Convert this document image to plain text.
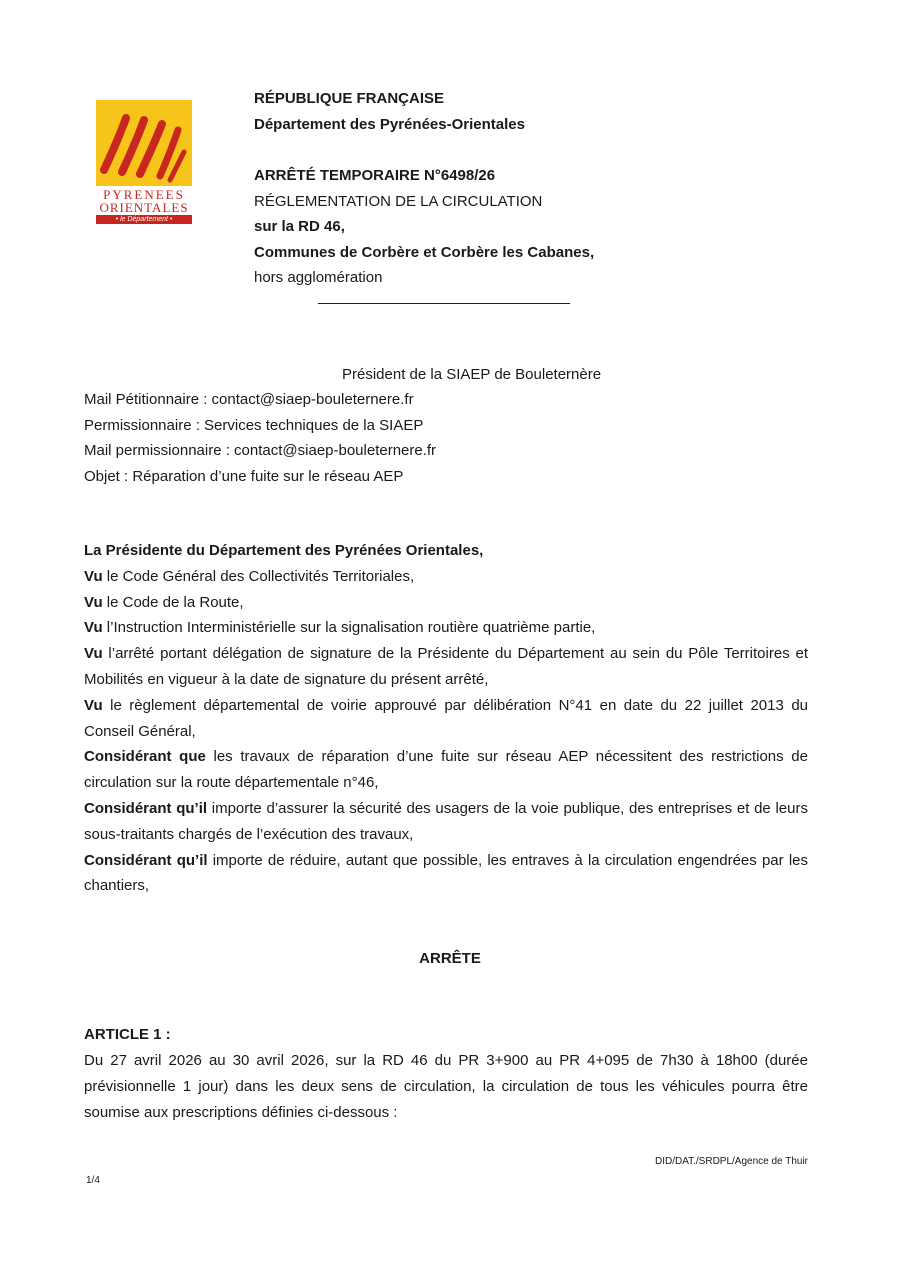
PYRENEES
ORIENTALES
• le Département •

RÉPUBLIQUE FRANÇAISE

Département des Pyrénées-Orientales

ARRÊTÉ TEMPORAIRE N°6498/26

RÉGLEMENTATION DE LA CIRCULATION

sur la RD 46,

Communes de Corbère et Corbère les Cabanes,

hors agglomération

Président de la SIAEP de Bouleternère

Mail Pétitionnaire : contact@siaep-bouleternere.fr

Permissionnaire : Services techniques de la SIAEP

Mail permissionnaire : contact@siaep-bouleternere.fr

Objet : Réparation d’une fuite sur le réseau AEP

La Présidente du Département des Pyrénées Orientales,

Vu le Code Général des Collectivités Territoriales,

Vu le Code de la Route,

Vu l’Instruction Interministérielle sur la signalisation routière quatrième partie,

Vu l’arrêté portant délégation de signature de la Présidente du Département au sein du Pôle Territoires et Mobilités en vigueur à la date de signature du présent arrêté,

Vu le règlement départemental de voirie approuvé par délibération N°41 en date du 22 juillet 2013 du Conseil Général,

Considérant que les travaux de réparation d’une fuite sur réseau AEP nécessitent des restrictions de circulation sur la route départementale n°46,

Considérant qu’il importe d’assurer la sécurité des usagers de la voie publique, des entreprises et de leurs sous-traitants chargés de l’exécution des travaux,

Considérant qu’il importe de réduire, autant que possible, les entraves à la circulation engendrées par les chantiers,

ARRÊTE

ARTICLE 1 :

Du 27 avril 2026 au 30 avril 2026, sur la RD 46 du PR 3+900 au PR 4+095 de 7h30 à 18h00 (durée prévisionnelle 1 jour) dans les deux sens de circulation, la circulation de tous les véhicules pourra être soumise aux prescriptions définies ci-dessous :

DID/DAT./SRDPL/Agence de Thuir
1/4
